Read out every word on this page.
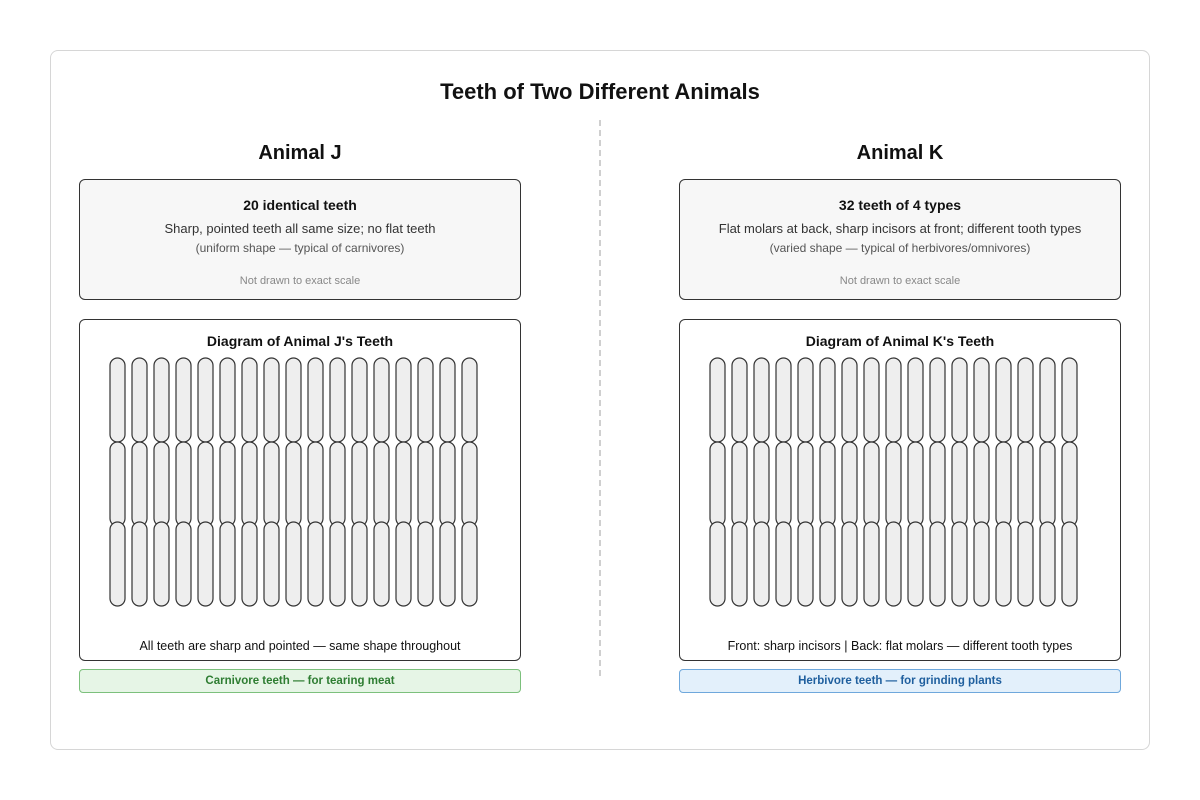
Teeth of Two Different Animals
Animal J
20 identical teeth
Sharp, pointed teeth all same size; no flat teeth
(uniform shape — typical of carnivores)
Not drawn to exact scale
Diagram of Animal J's Teeth
All teeth are sharp and pointed — same shape throughout
Carnivore teeth — for tearing meat
Animal K
32 teeth of 4 types
Flat molars at back, sharp incisors at front; different tooth types
(varied shape — typical of herbivores/omnivores)
Not drawn to exact scale
Diagram of Animal K's Teeth
Front: sharp incisors | Back: flat molars — different tooth types
Herbivore teeth — for grinding plants
